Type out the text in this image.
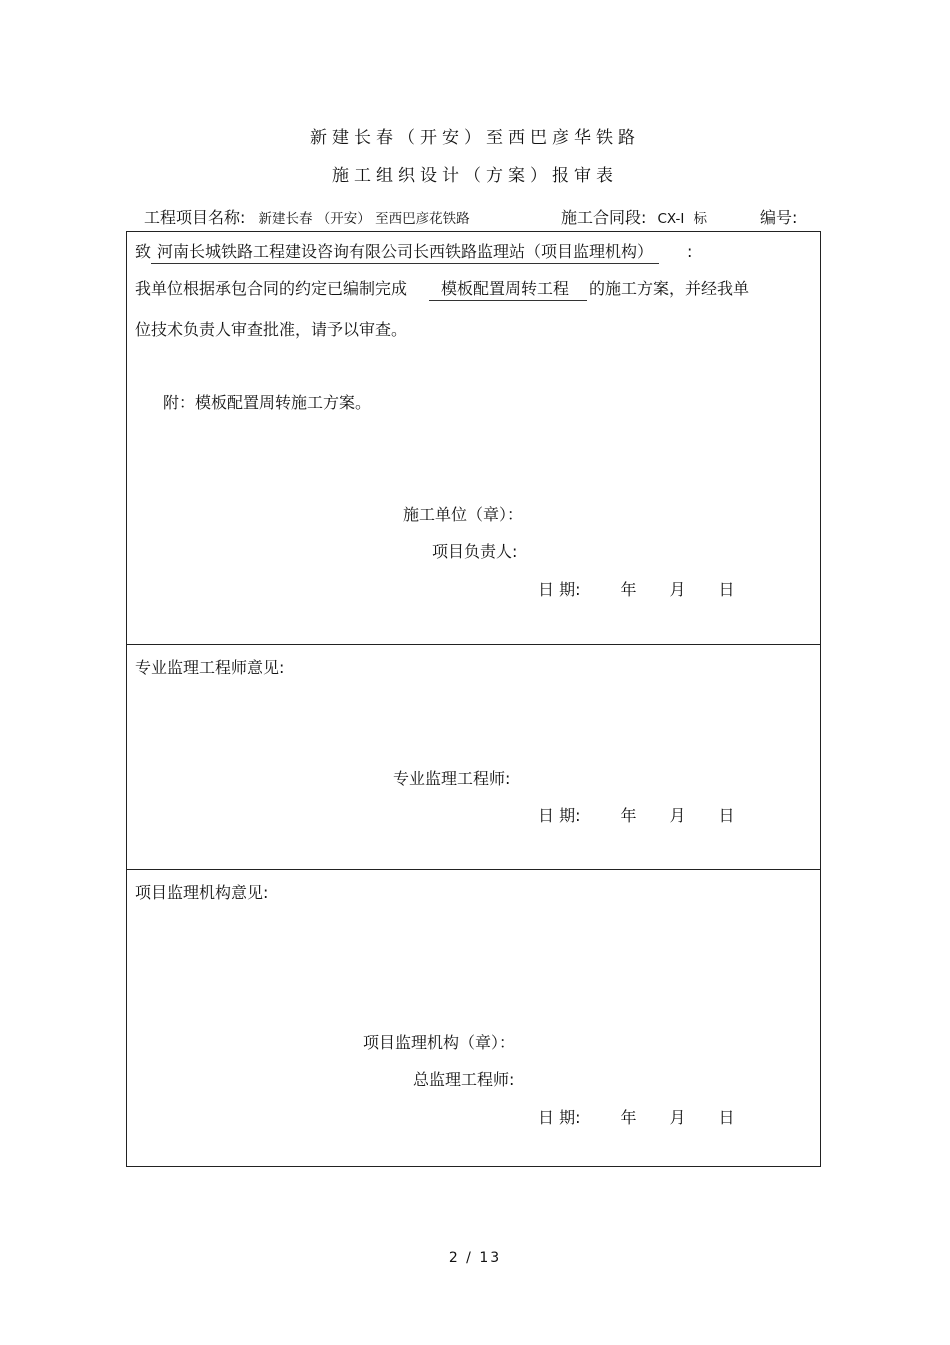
新建长春（开安）至西巴彦华铁路
施工组织设计（方案）报审表
工程项目名称: 新建长春 （开安） 至西巴彦花铁路	施工合同段: CX-I 标	编号:
致 河南长城铁路工程建设咨询有限公司长西铁路监理站（项目监理机构） :
我单位根据承包合同的约定已编制完成 模板配置周转工程 的施工方案，并经我单
位技术负责人审查批准，请予以审查。
附：模板配置周转施工方案。
施工单位（章）：
项目负责人:
日 期:	年 月 日
专业监理工程师意见:
专业监理工程师:
日 期:	年 月 日
项目监理机构意见:
项目监理机构（章）：
总监理工程师:
日 期:	年 月 日
2 / 13
